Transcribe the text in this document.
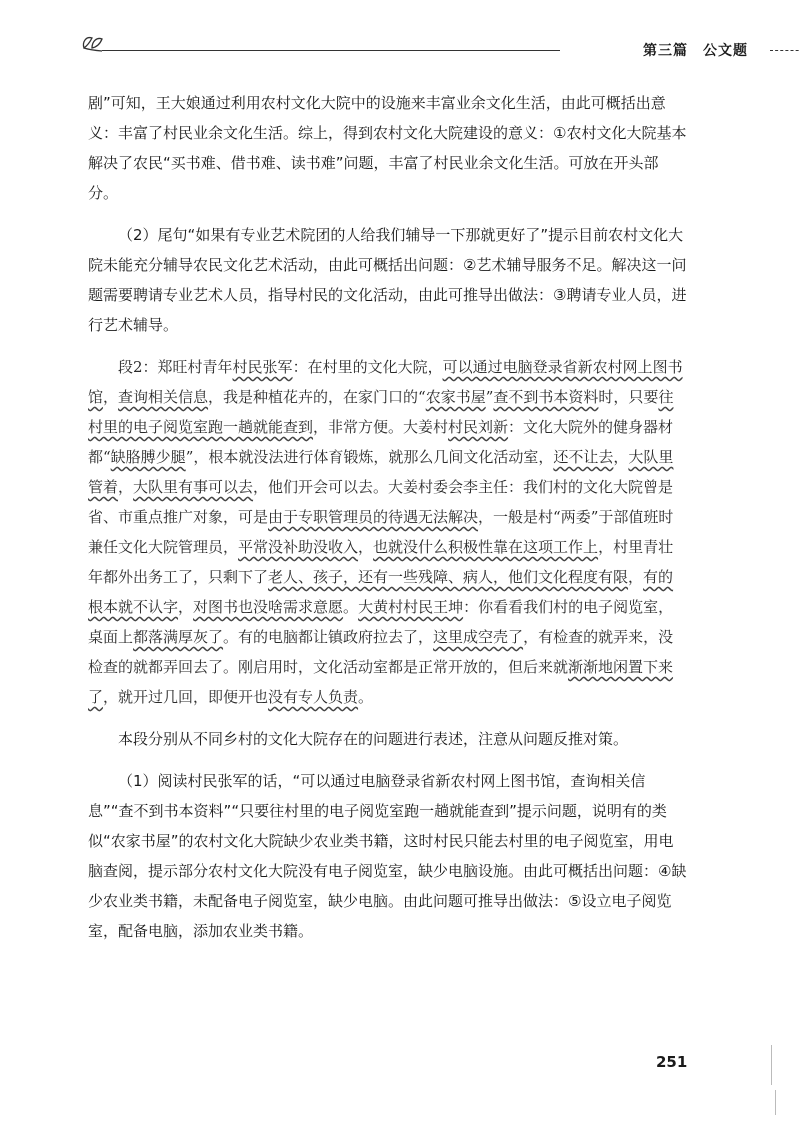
第三篇　公文题

剧”可知，王大娘通过利用农村文化大院中的设施来丰富业余文化生活，由此可概括出意义：丰富了村民业余文化生活。综上，得到农村文化大院建设的意义：①农村文化大院基本解决了农民“买书难、借书难、读书难”问题，丰富了村民业余文化生活。可放在开头部分。

（2）尾句“如果有专业艺术院团的人给我们辅导一下那就更好了”提示目前农村文化大院未能充分辅导农民文化艺术活动，由此可概括出问题：②艺术辅导服务不足。解决这一问题需要聘请专业艺术人员，指导村民的文化活动，由此可推导出做法：③聘请专业人员，进行艺术辅导。

段2：郑旺村青年村民张军：在村里的文化大院，可以通过电脑登录省新农村网上图书馆，查询相关信息，我是种植花卉的，在家门口的“农家书屋”查不到书本资料时，只要往村里的电子阅览室跑一趟就能查到，非常方便。大姜村村民刘新：文化大院外的健身器材都“缺胳膊少腿”，根本就没法进行体育锻炼，就那么几间文化活动室，还不让去，大队里管着，大队里有事可以去，他们开会可以去。大姜村委会李主任：我们村的文化大院曾是省、市重点推广对象，可是由于专职管理员的待遇无法解决，一般是村“两委”于部值班时兼任文化大院管理员，平常没补助没收入，也就没什么积极性靠在这项工作上，村里青壮年都外出务工了，只剩下了老人、孩子，还有一些残障、病人，他们文化程度有限，有的根本就不认字，对图书也没啥需求意愿。大黄村村民王坤：你看看我们村的电子阅览室，桌面上都落满厚灰了。有的电脑都让镇政府拉去了，这里成空壳了，有检查的就弄来，没检查的就都弄回去了。刚启用时，文化活动室都是正常开放的，但后来就渐渐地闲置下来了，就开过几回，即便开也没有专人负责。

本段分别从不同乡村的文化大院存在的问题进行表述，注意从问题反推对策。

（1）阅读村民张军的话，“可以通过电脑登录省新农村网上图书馆，查询相关信息”“查不到书本资料”“只要往村里的电子阅览室跑一趟就能查到”提示问题，说明有的类似“农家书屋”的农村文化大院缺少农业类书籍，这时村民只能去村里的电子阅览室，用电脑查阅，提示部分农村文化大院没有电子阅览室，缺少电脑设施。由此可概括出问题：④缺少农业类书籍，未配备电子阅览室，缺少电脑。由此问题可推导出做法：⑤设立电子阅览室，配备电脑，添加农业类书籍。

251
